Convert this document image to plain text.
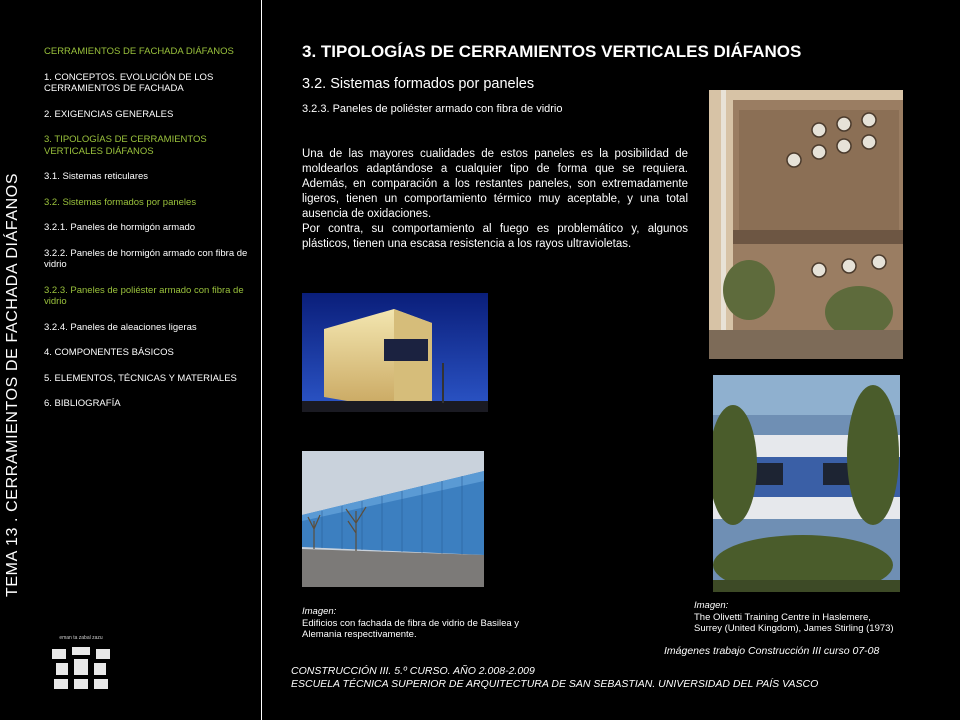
TEMA 13 . CERRAMIENTOS DE FACHADA DIÁFANOS
CERRAMIENTOS DE FACHADA DIÁFANOS
1. CONCEPTOS. EVOLUCIÓN DE LOS CERRAMIENTOS DE FACHADA
2. EXIGENCIAS GENERALES
3. TIPOLOGÍAS DE CERRAMIENTOS VERTICALES DIÁFANOS
3.1. Sistemas reticulares
3.2. Sistemas formados por paneles
3.2.1. Paneles de hormigón armado
3.2.2. Paneles de hormigón armado con fibra de vidrio
3.2.3. Paneles de poliéster armado con fibra de vidrio
3.2.4. Paneles de aleaciones ligeras
4. COMPONENTES BÁSICOS
5. ELEMENTOS, TÉCNICAS Y MATERIALES
6. BIBLIOGRAFÍA
3. TIPOLOGÍAS DE CERRAMIENTOS VERTICALES DIÁFANOS
3.2. Sistemas formados por paneles
3.2.3. Paneles de poliéster armado con fibra de vidrio
Una de las mayores cualidades de estos paneles es la posibilidad de moldearlos adaptándose a cualquier tipo de forma que se requiera. Además, en comparación a los restantes paneles, son extremadamente ligeros, tienen un comportamiento térmico muy aceptable, y una total ausencia de oxidaciones.
Por contra, su comportamiento al fuego es problemático y, algunos plásticos, tienen una escasa resistencia a los rayos ultravioletas.
Imagen:
Edificios con fachada de fibra de vidrio de Basilea y Alemania respectivamente.
Imagen:
The Olivetti Training Centre in Haslemere,
Surrey (United Kingdom), James Stirling (1973)
Imágenes trabajo Construcción III curso 07-08
CONSTRUCCIÓN III. 5.º CURSO. AÑO 2.008-2.009
ESCUELA TÉCNICA SUPERIOR DE ARQUITECTURA DE SAN SEBASTIAN. UNIVERSIDAD DEL PAÍS VASCO
eman ta zabal zazu
